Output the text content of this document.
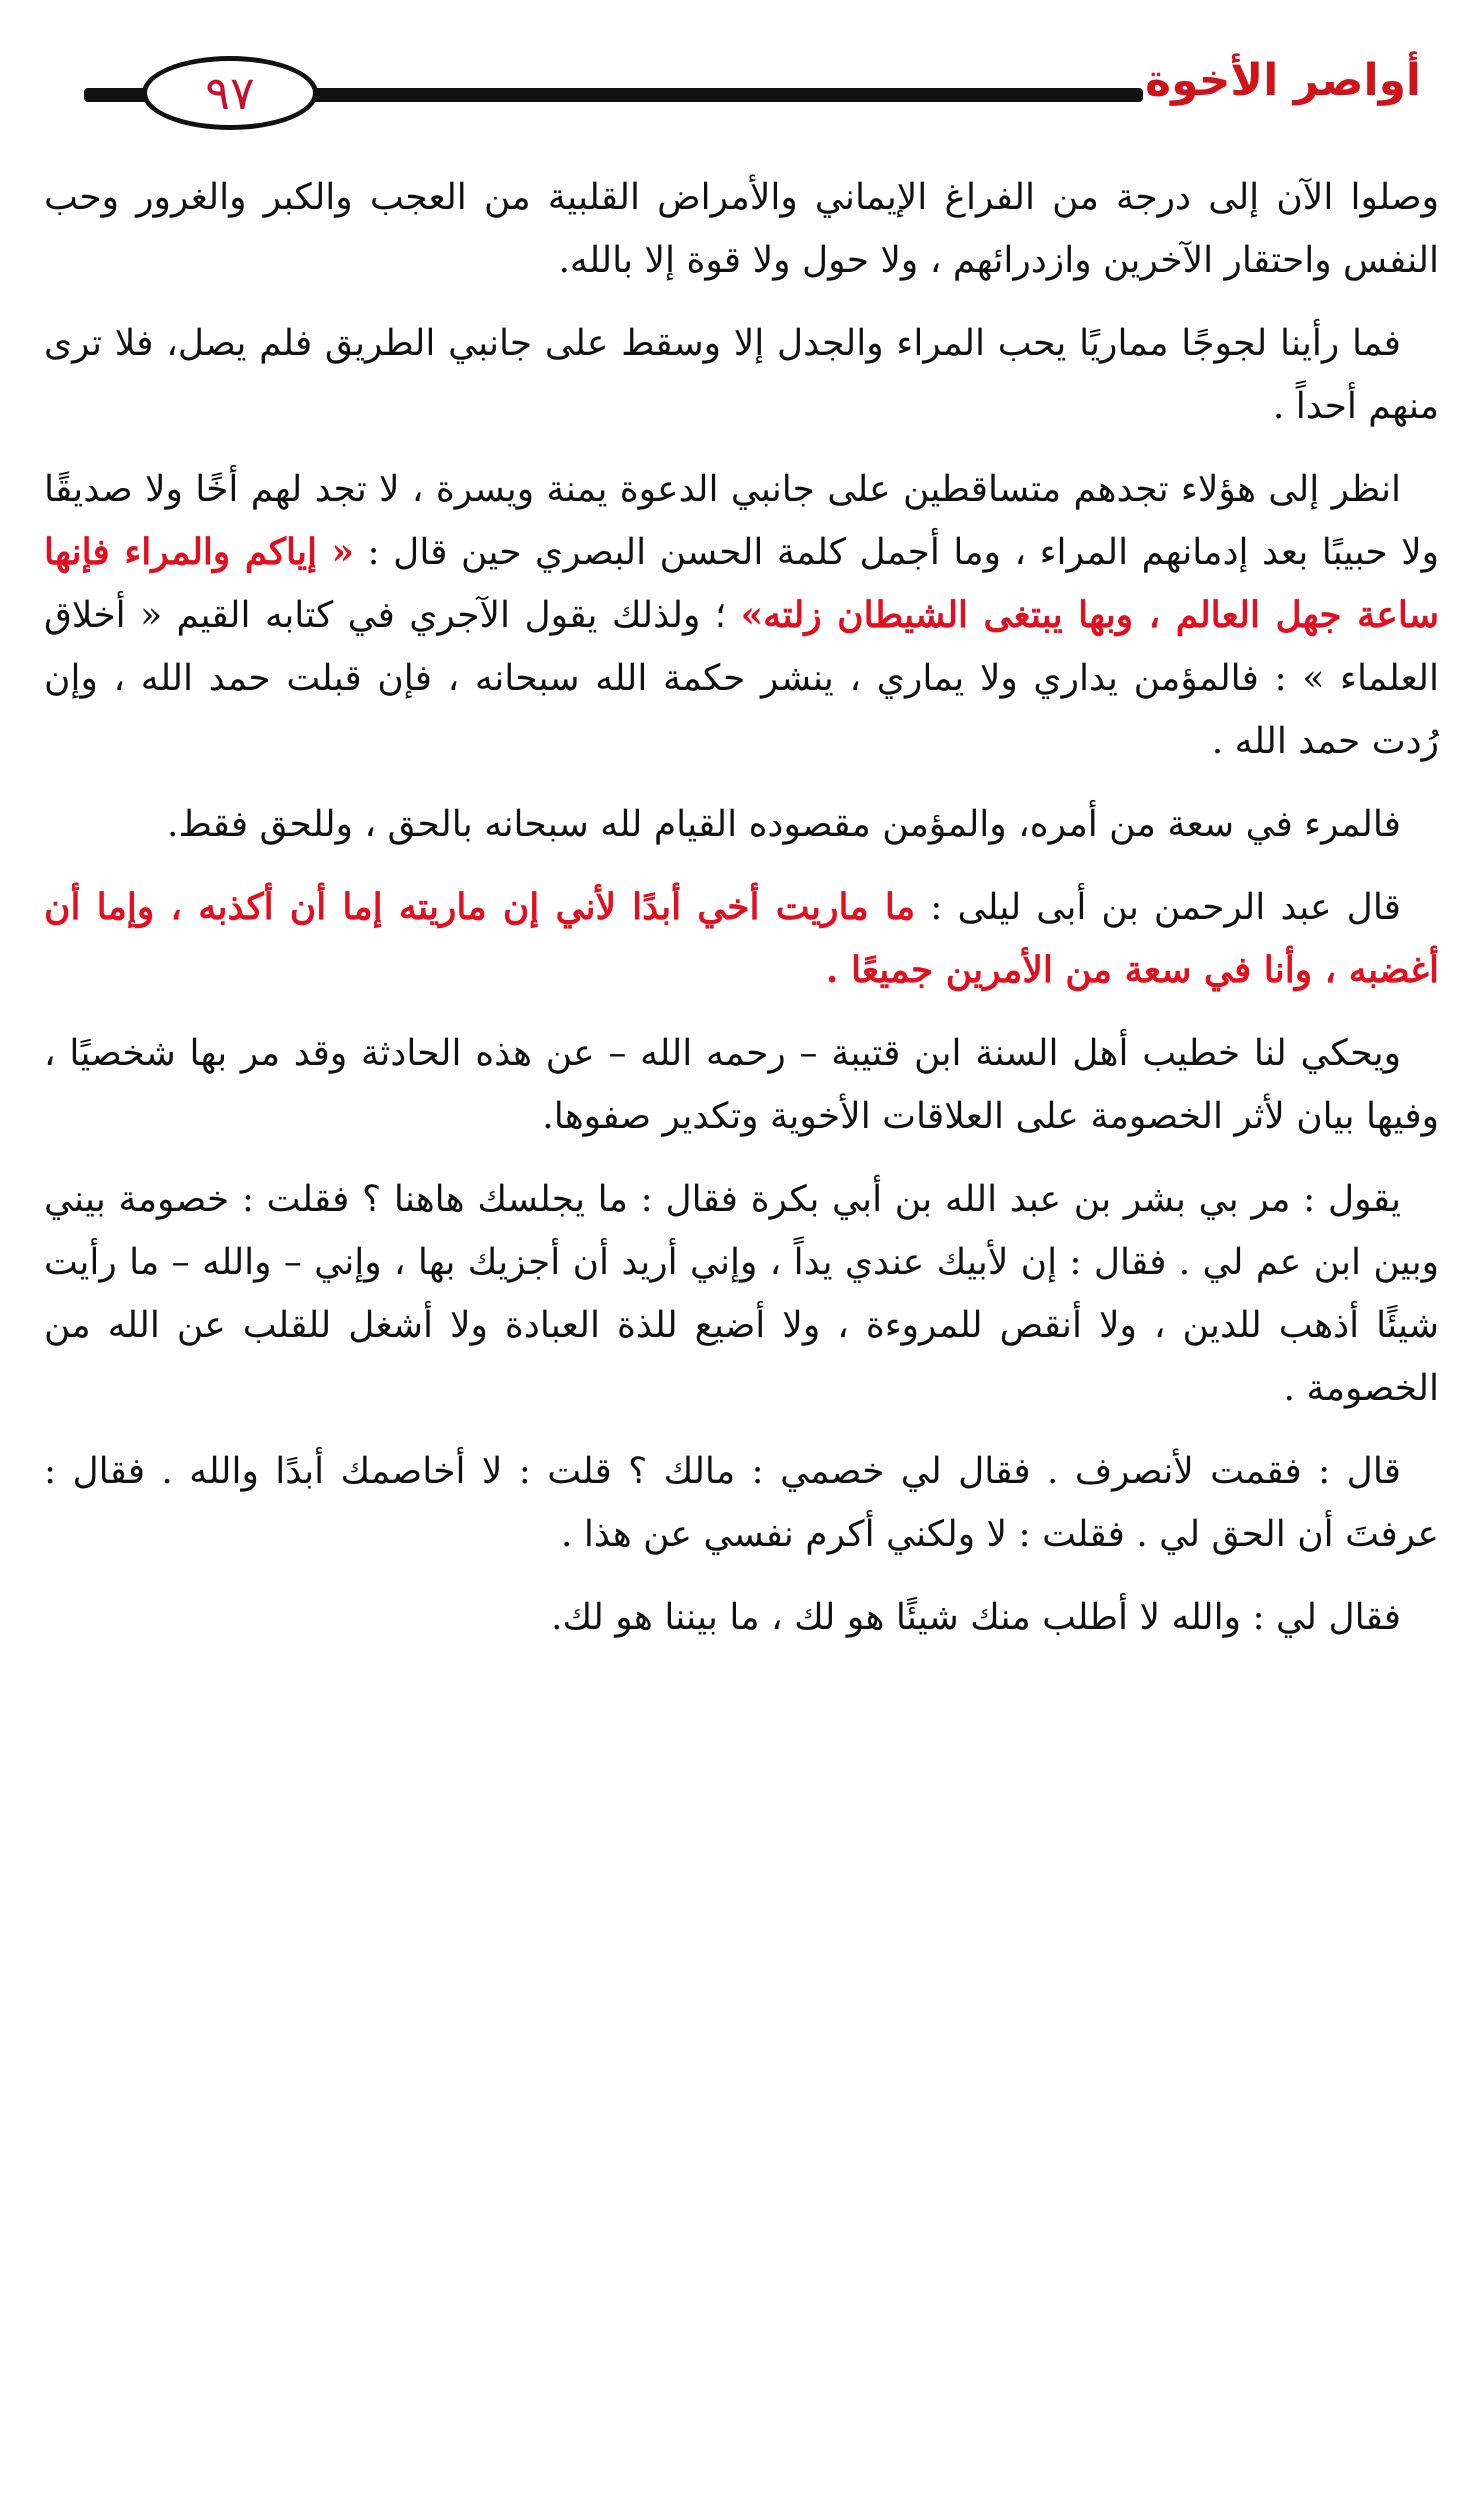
٩٧	أواصر الأخوة

وصلوا الآن إلى درجة من الفراغ الإيماني والأمراض القلبية من العجب والكبر والغرور وحب النفس واحتقار الآخرين وازدرائهم ، ولا حول ولا قوة إلا بالله.

فما رأينا لجوجًا مماريًا يحب المراء والجدل إلا وسقط على جانبي الطريق فلم يصل، فلا ترى منهم أحداً .

انظر إلى هؤلاء تجدهم متساقطين على جانبي الدعوة يمنة ويسرة ، لا تجد لهم أخًا ولا صديقًا ولا حبيبًا بعد إدمانهم المراء ، وما أجمل كلمة الحسن البصري حين قال : « إياكم والمراء فإنها ساعة جهل العالم ، وبها يبتغى الشيطان زلته» ؛ ولذلك يقول الآجري في كتابه القيم « أخلاق العلماء » : فالمؤمن يداري ولا يماري ، ينشر حكمة الله سبحانه ، فإن قبلت حمد الله ، وإن رُدت حمد الله .

فالمرء في سعة من أمره، والمؤمن مقصوده القيام لله سبحانه بالحق ، وللحق فقط.

قال عبد الرحمن بن أبى ليلى : ما ماريت أخي أبدًا لأني إن ماريته إما أن أكذبه ، وإما أن أغضبه ، وأنا في سعة من الأمرين جميعًا .

ويحكي لنا خطيب أهل السنة ابن قتيبة – رحمه الله – عن هذه الحادثة وقد مر بها شخصيًا ، وفيها بيان لأثر الخصومة على العلاقات الأخوية وتكدير صفوها.

يقول : مر بي بشر بن عبد الله بن أبي بكرة فقال : ما يجلسك هاهنا ؟ فقلت : خصومة بيني وبين ابن عم لي . فقال : إن لأبيك عندي يداً ، وإني أريد أن أجزيك بها ، وإني – والله – ما رأيت شيئًا أذهب للدين ، ولا أنقص للمروءة ، ولا أضيع للذة العبادة ولا أشغل للقلب عن الله من الخصومة .

قال : فقمت لأنصرف . فقال لي خصمي : مالك ؟ قلت : لا أخاصمك أبدًا والله . فقال : عرفتَ أن الحق لي . فقلت : لا ولكني أكرم نفسي عن هذا .

فقال لي : والله لا أطلب منك شيئًا هو لك ، ما بيننا هو لك.
